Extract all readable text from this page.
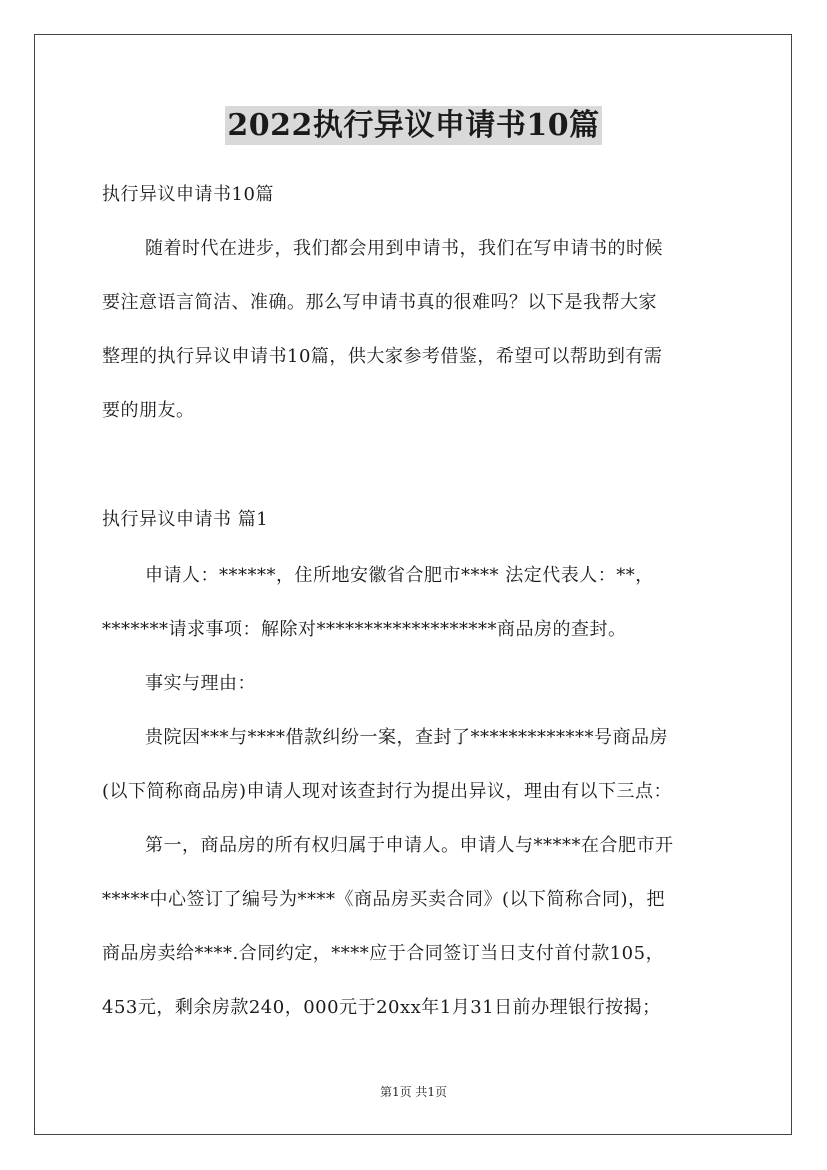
2022执行异议申请书10篇
执行异议申请书10篇
随着时代在进步，我们都会用到申请书，我们在写申请书的时候
要注意语言简洁、准确。那么写申请书真的很难吗？以下是我帮大家
整理的执行异议申请书10篇，供大家参考借鉴，希望可以帮助到有需
要的朋友。
执行异议申请书 篇1
申请人：******，住所地安徽省合肥市**** 法定代表人：**，
*******请求事项：解除对*******************商品房的查封。
事实与理由：
贵院因***与****借款纠纷一案，查封了*************号商品房
(以下简称商品房)申请人现对该查封行为提出异议，理由有以下三点：
第一，商品房的所有权归属于申请人。申请人与*****在合肥市开
*****中心签订了编号为****《商品房买卖合同》(以下简称合同)，把
商品房卖给****.合同约定，****应于合同签订当日支付首付款105，
453元，剩余房款240，000元于20xx年1月31日前办理银行按揭；
第1页 共1页
